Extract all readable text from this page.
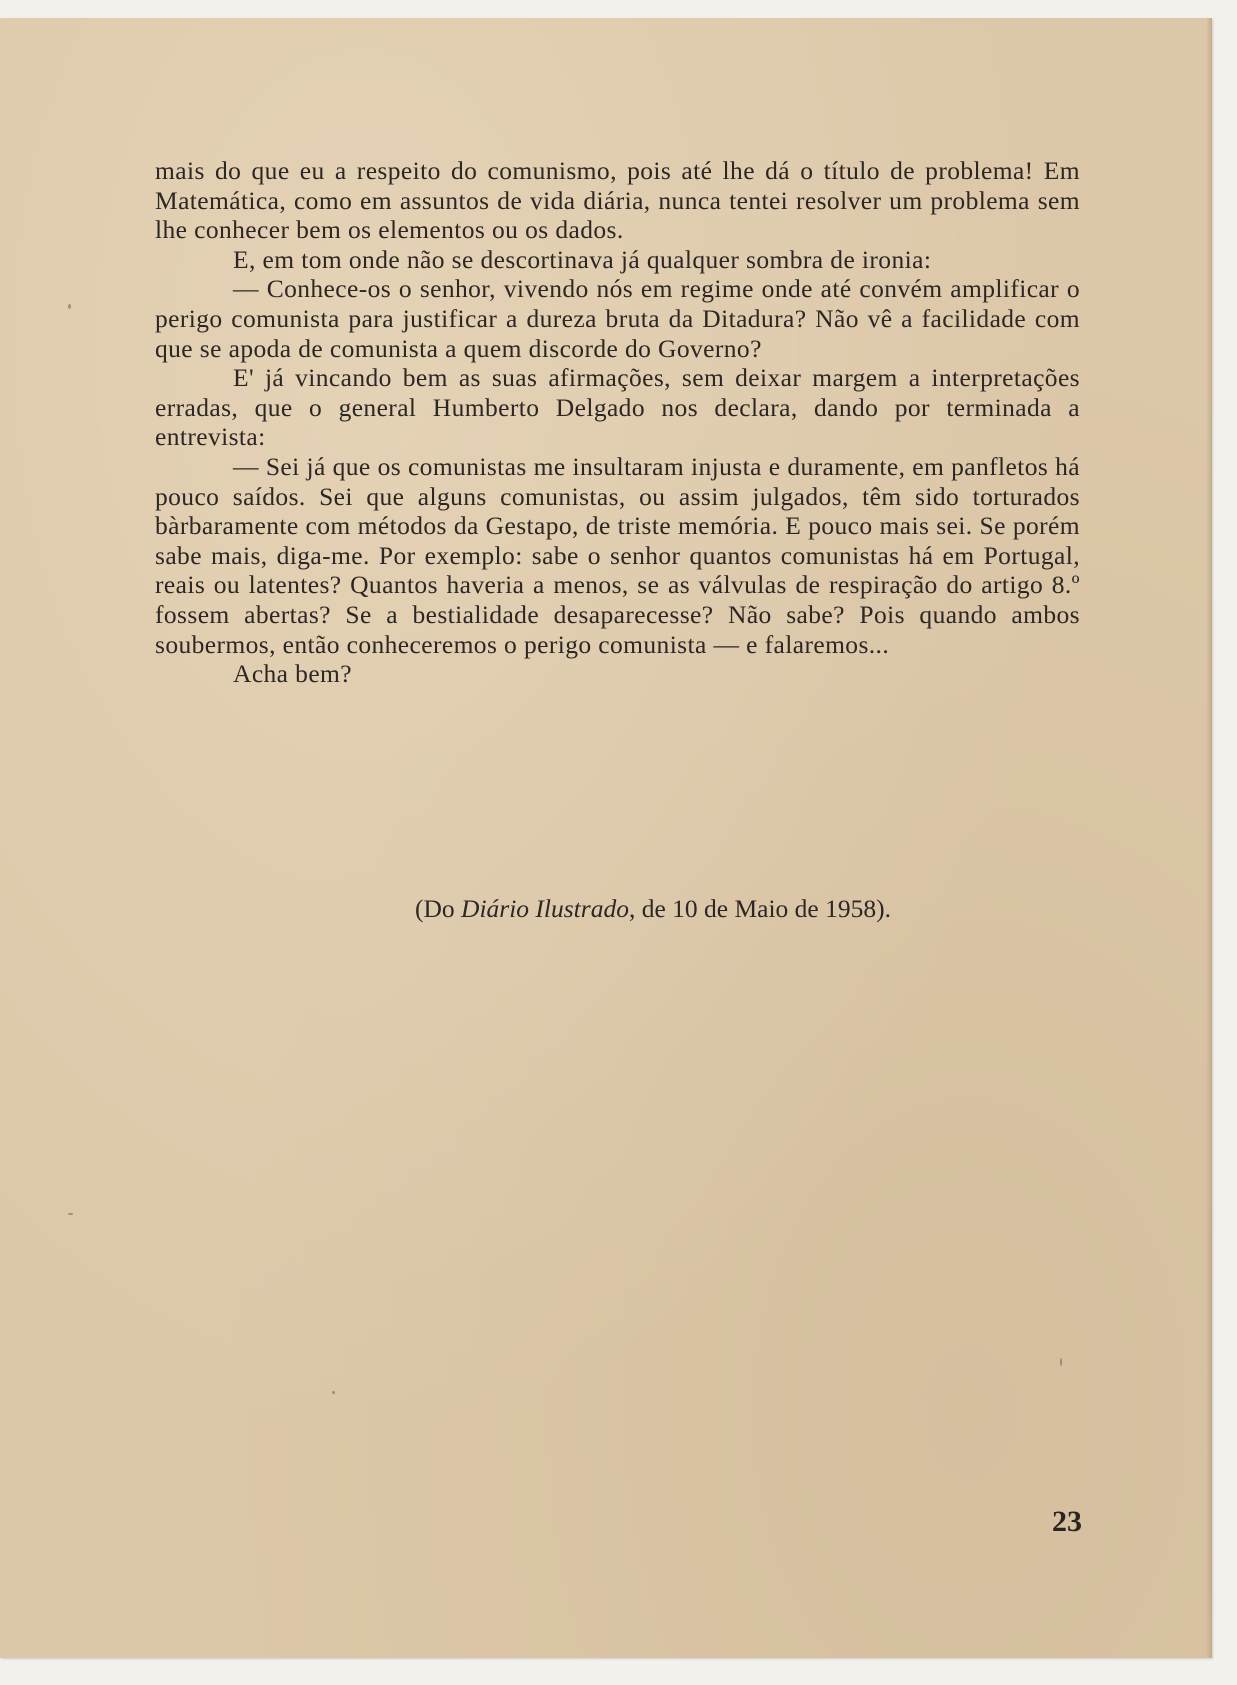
mais do que eu a respeito do comunismo, pois até lhe dá o título de problema! Em Matemática, como em assuntos de vida diária, nunca tentei resolver um problema sem lhe conhecer bem os elementos ou os dados.

E, em tom onde não se descortinava já qualquer sombra de ironia:

— Conhece-os o senhor, vivendo nós em regime onde até convém amplificar o perigo comunista para justificar a dureza bruta da Ditadura? Não vê a facilidade com que se apoda de comunista a quem discorde do Governo?

E' já vincando bem as suas afirmações, sem deixar margem a interpretações erradas, que o general Humberto Delgado nos declara, dando por terminada a entrevista:

— Sei já que os comunistas me insultaram injusta e duramente, em panfletos há pouco saídos. Sei que alguns comunistas, ou assim julgados, têm sido torturados bàrbaramente com métodos da Gestapo, de triste memória. E pouco mais sei. Se porém sabe mais, diga-me. Por exemplo: sabe o senhor quantos comunistas há em Portugal, reais ou latentes? Quantos haveria a menos, se as válvulas de respiração do artigo 8.º fossem abertas? Se a bestialidade desaparecesse? Não sabe? Pois quando ambos soubermos, então conheceremos o perigo comunista — e falaremos...

Acha bem?

(Do Diário Ilustrado, de 10 de Maio de 1958).
23
